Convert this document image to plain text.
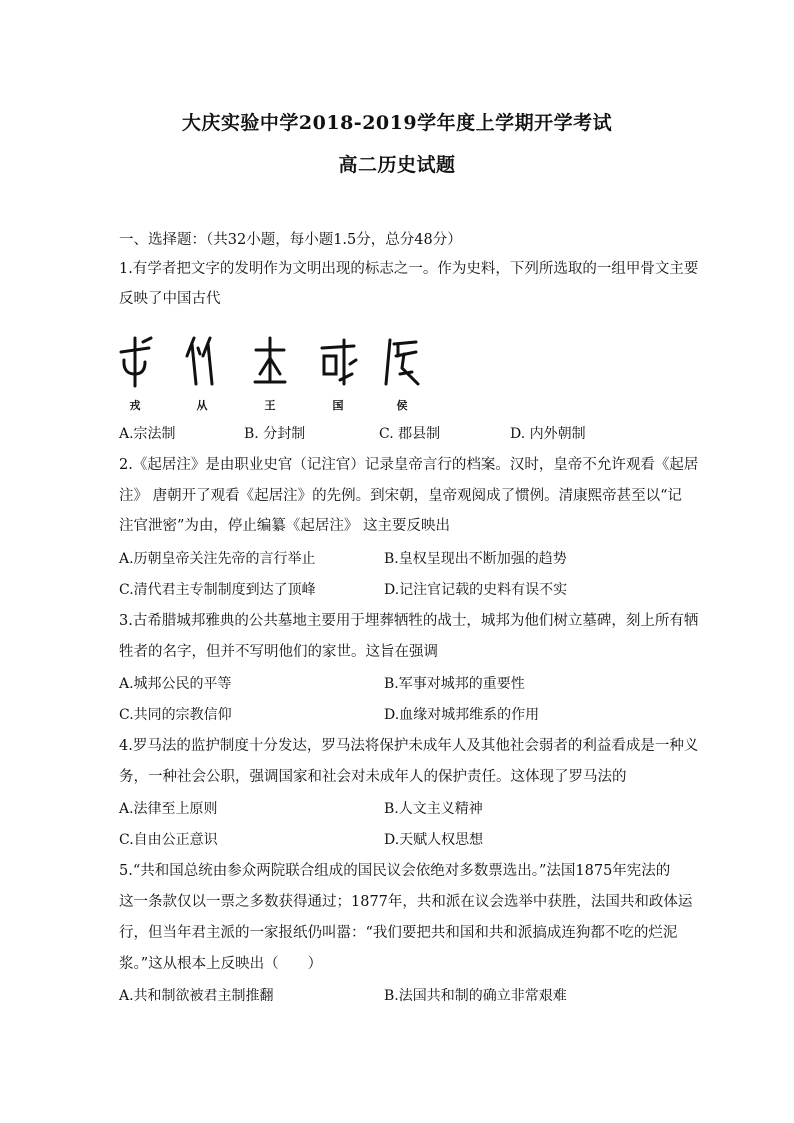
大庆实验中学2018-2019学年度上学期开学考试
高二历史试题
一、选择题：（共32小题，每小题1.5分，总分48分）
1.有学者把文字的发明作为文明出现的标志之一。作为史料，下列所选取的一组甲骨文主要
反映了中国古代
戎	从	王	国	侯
A.宗法制	B. 分封制	C. 郡县制	D. 内外朝制
2.《起居注》是由职业史官（记注官）记录皇帝言行的档案。汉时，皇帝不允许观看《起居
注》 唐朝开了观看《起居注》的先例。到宋朝，皇帝观阅成了惯例。清康熙帝甚至以“记
注官泄密”为由，停止编纂《起居注》 这主要反映出
A.历朝皇帝关注先帝的言行举止	B.皇权呈现出不断加强的趋势
C.清代君主专制制度到达了顶峰	D.记注官记载的史料有误不实
3.古希腊城邦雅典的公共墓地主要用于埋葬牺牲的战士，城邦为他们树立墓碑，刻上所有牺
牲者的名字，但并不写明他们的家世。这旨在强调
A.城邦公民的平等	B.军事对城邦的重要性
C.共同的宗教信仰	D.血缘对城邦维系的作用
4.罗马法的监护制度十分发达，罗马法将保护未成年人及其他社会弱者的利益看成是一种义
务，一种社会公职，强调国家和社会对未成年人的保护责任。这体现了罗马法的
A.法律至上原则	B.人文主义精神
C.自由公正意识	D.天赋人权思想
5.“共和国总统由参众两院联合组成的国民议会依绝对多数票选出。”法国1875年宪法的
这一条款仅以一票之多数获得通过；1877年，共和派在议会选举中获胜，法国共和政体运
行，但当年君主派的一家报纸仍叫嚣：“我们要把共和国和共和派搞成连狗都不吃的烂泥
浆。”这从根本上反映出（　　）
A.共和制欲被君主制推翻	B.法国共和制的确立非常艰难
